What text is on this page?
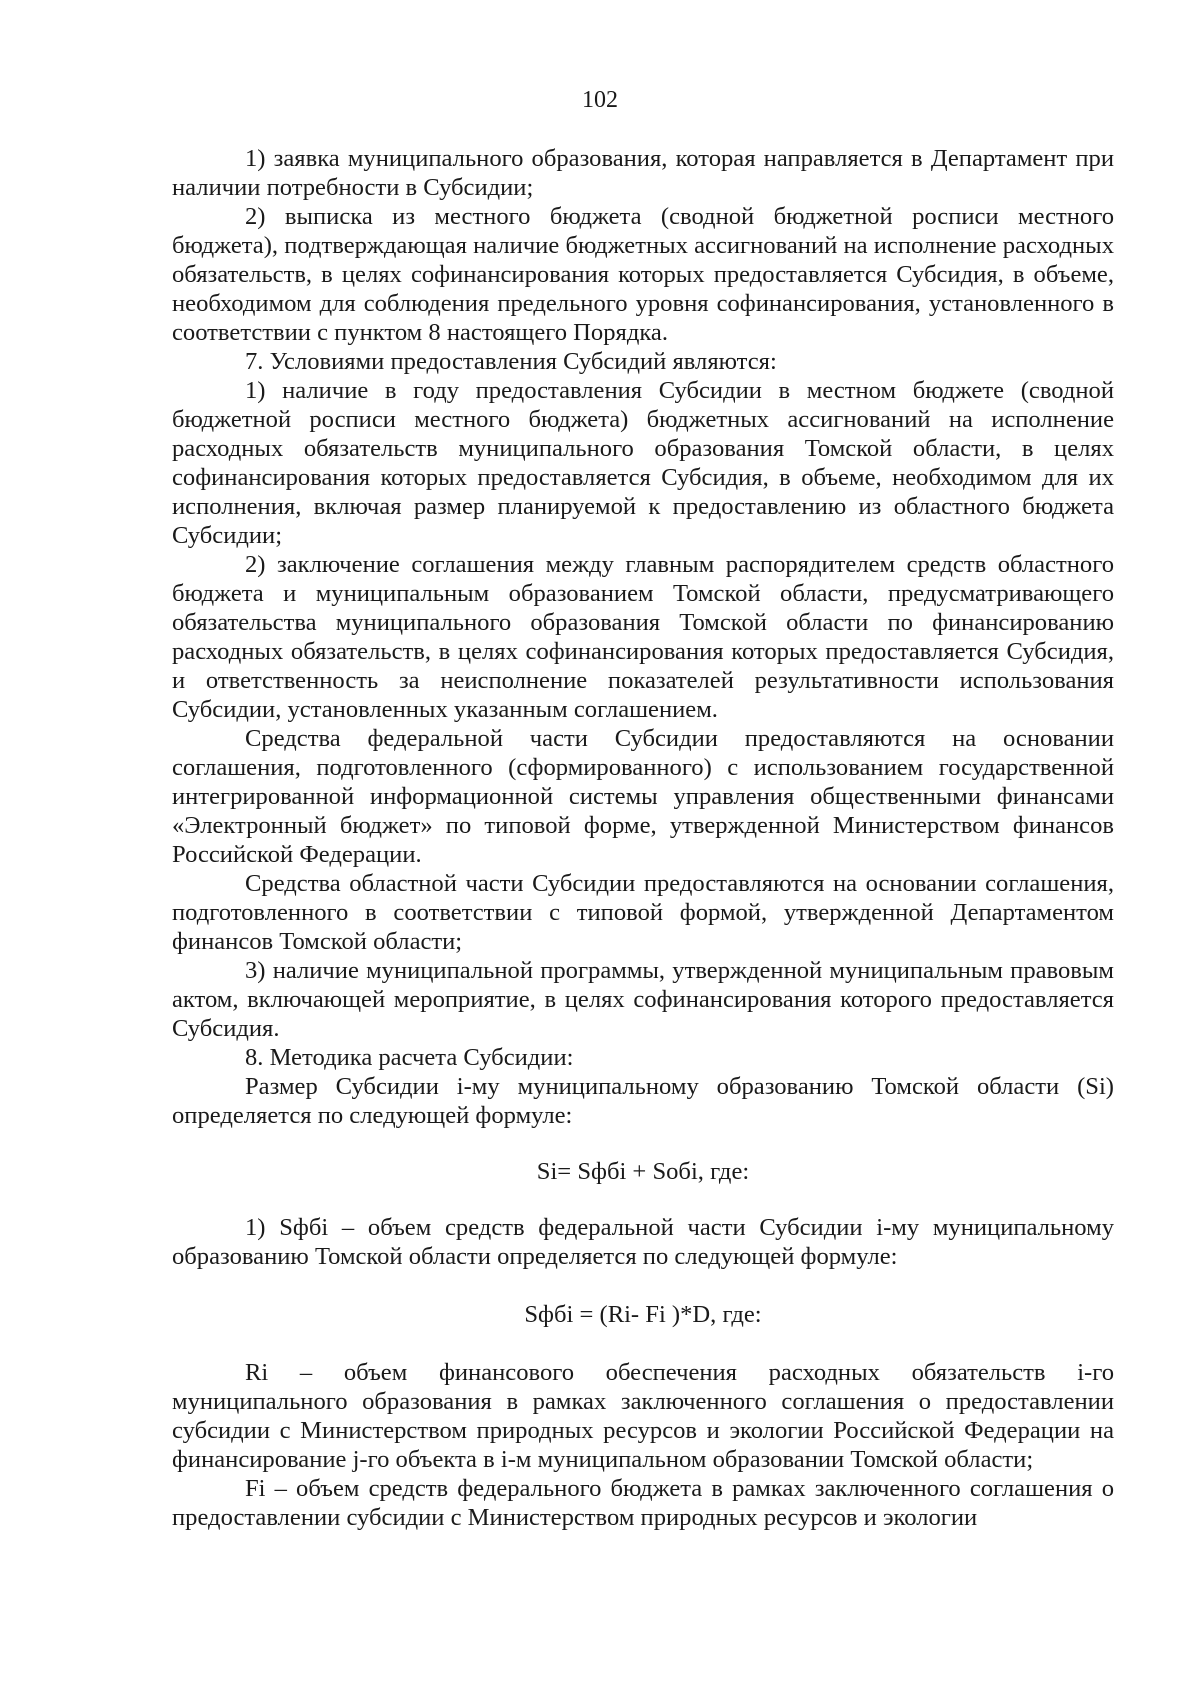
102

1) заявка муниципального образования, которая направляется в Департамент при наличии потребности в Субсидии;

2) выписка из местного бюджета (сводной бюджетной росписи местного бюджета), подтверждающая наличие бюджетных ассигнований на исполнение расходных обязательств, в целях софинансирования которых предоставляется Субсидия, в объеме, необходимом для соблюдения предельного уровня софинансирования, установленного в соответствии с пунктом 8 настоящего Порядка.

7. Условиями предоставления Субсидий являются:

1) наличие в году предоставления Субсидии в местном бюджете (сводной бюджетной росписи местного бюджета) бюджетных ассигнований на исполнение расходных обязательств муниципального образования Томской области, в целях софинансирования которых предоставляется Субсидия, в объеме, необходимом для их исполнения, включая размер планируемой к предоставлению из областного бюджета Субсидии;

2) заключение соглашения между главным распорядителем средств областного бюджета и муниципальным образованием Томской области, предусматривающего обязательства муниципального образования Томской области по финансированию расходных обязательств, в целях софинансирования которых предоставляется Субсидия, и ответственность за неисполнение показателей результативности использования Субсидии, установленных указанным соглашением.

Средства федеральной части Субсидии предоставляются на основании соглашения, подготовленного (сформированного) с использованием государственной интегрированной информационной системы управления общественными финансами «Электронный бюджет» по типовой форме, утвержденной Министерством финансов Российской Федерации.

Средства областной части Субсидии предоставляются на основании соглашения, подготовленного в соответствии с типовой формой, утвержденной Департаментом финансов Томской области;

3) наличие муниципальной программы, утвержденной муниципальным правовым актом, включающей мероприятие, в целях софинансирования которого предоставляется Субсидия.

8. Методика расчета Субсидии:

Размер Субсидии i-му муниципальному образованию Томской области (Si) определяется по следующей формуле:

Si= Sфбi + Soбi, где:

1) Sфбi – объем средств федеральной части Субсидии i-му муниципальному образованию Томской области определяется по следующей формуле:

Sфбi = (Ri- Fi )*D, где:

Ri – объем финансового обеспечения расходных обязательств i-го муниципального образования в рамках заключенного соглашения о предоставлении субсидии с Министерством природных ресурсов и экологии Российской Федерации на финансирование j-го объекта в i-м муниципальном образовании Томской области;

Fi – объем средств федерального бюджета в рамках заключенного соглашения о предоставлении субсидии с Министерством природных ресурсов и экологии
